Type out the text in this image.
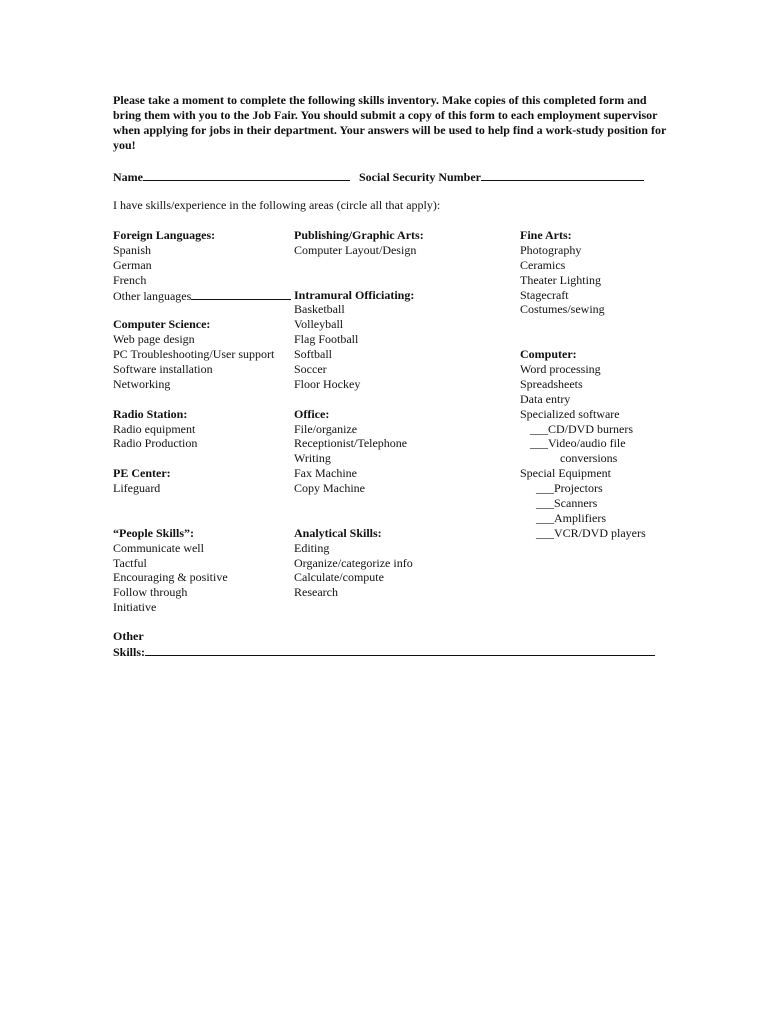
Please take a moment to complete the following skills inventory. Make copies of this completed form and bring them with you to the Job Fair. You should submit a copy of this form to each employment supervisor when applying for jobs in their department. Your answers will be used to help find a work-study position for you!

Name	Social Security Number
I have skills/experience in the following areas (circle all that apply):
Foreign Languages:
Spanish
German
French
Other languages
Computer Science:
Web page design
PC Troubleshooting/User support
Software installation
Networking
Radio Station:
Radio equipment
Radio Production
PE Center:
Lifeguard
“People Skills”:
Communicate well
Tactful
Encouraging & positive
Follow through
Initiative
Publishing/Graphic Arts:
Computer Layout/Design
Intramural Officiating:
Basketball
Volleyball
Flag Football
Softball
Soccer
Floor Hockey
Office:
File/organize
Receptionist/Telephone
Writing
Fax Machine
Copy Machine
Analytical Skills:
Editing
Organize/categorize info
Calculate/compute
Research
Fine Arts:
Photography
Ceramics
Theater Lighting
Stagecraft
Costumes/sewing
Computer:
Word processing
Spreadsheets
Data entry
Specialized software
___CD/DVD burners
___Video/audio file
conversions
Special Equipment
___Projectors
___Scanners
___Amplifiers
___VCR/DVD players
Other
Skills:
